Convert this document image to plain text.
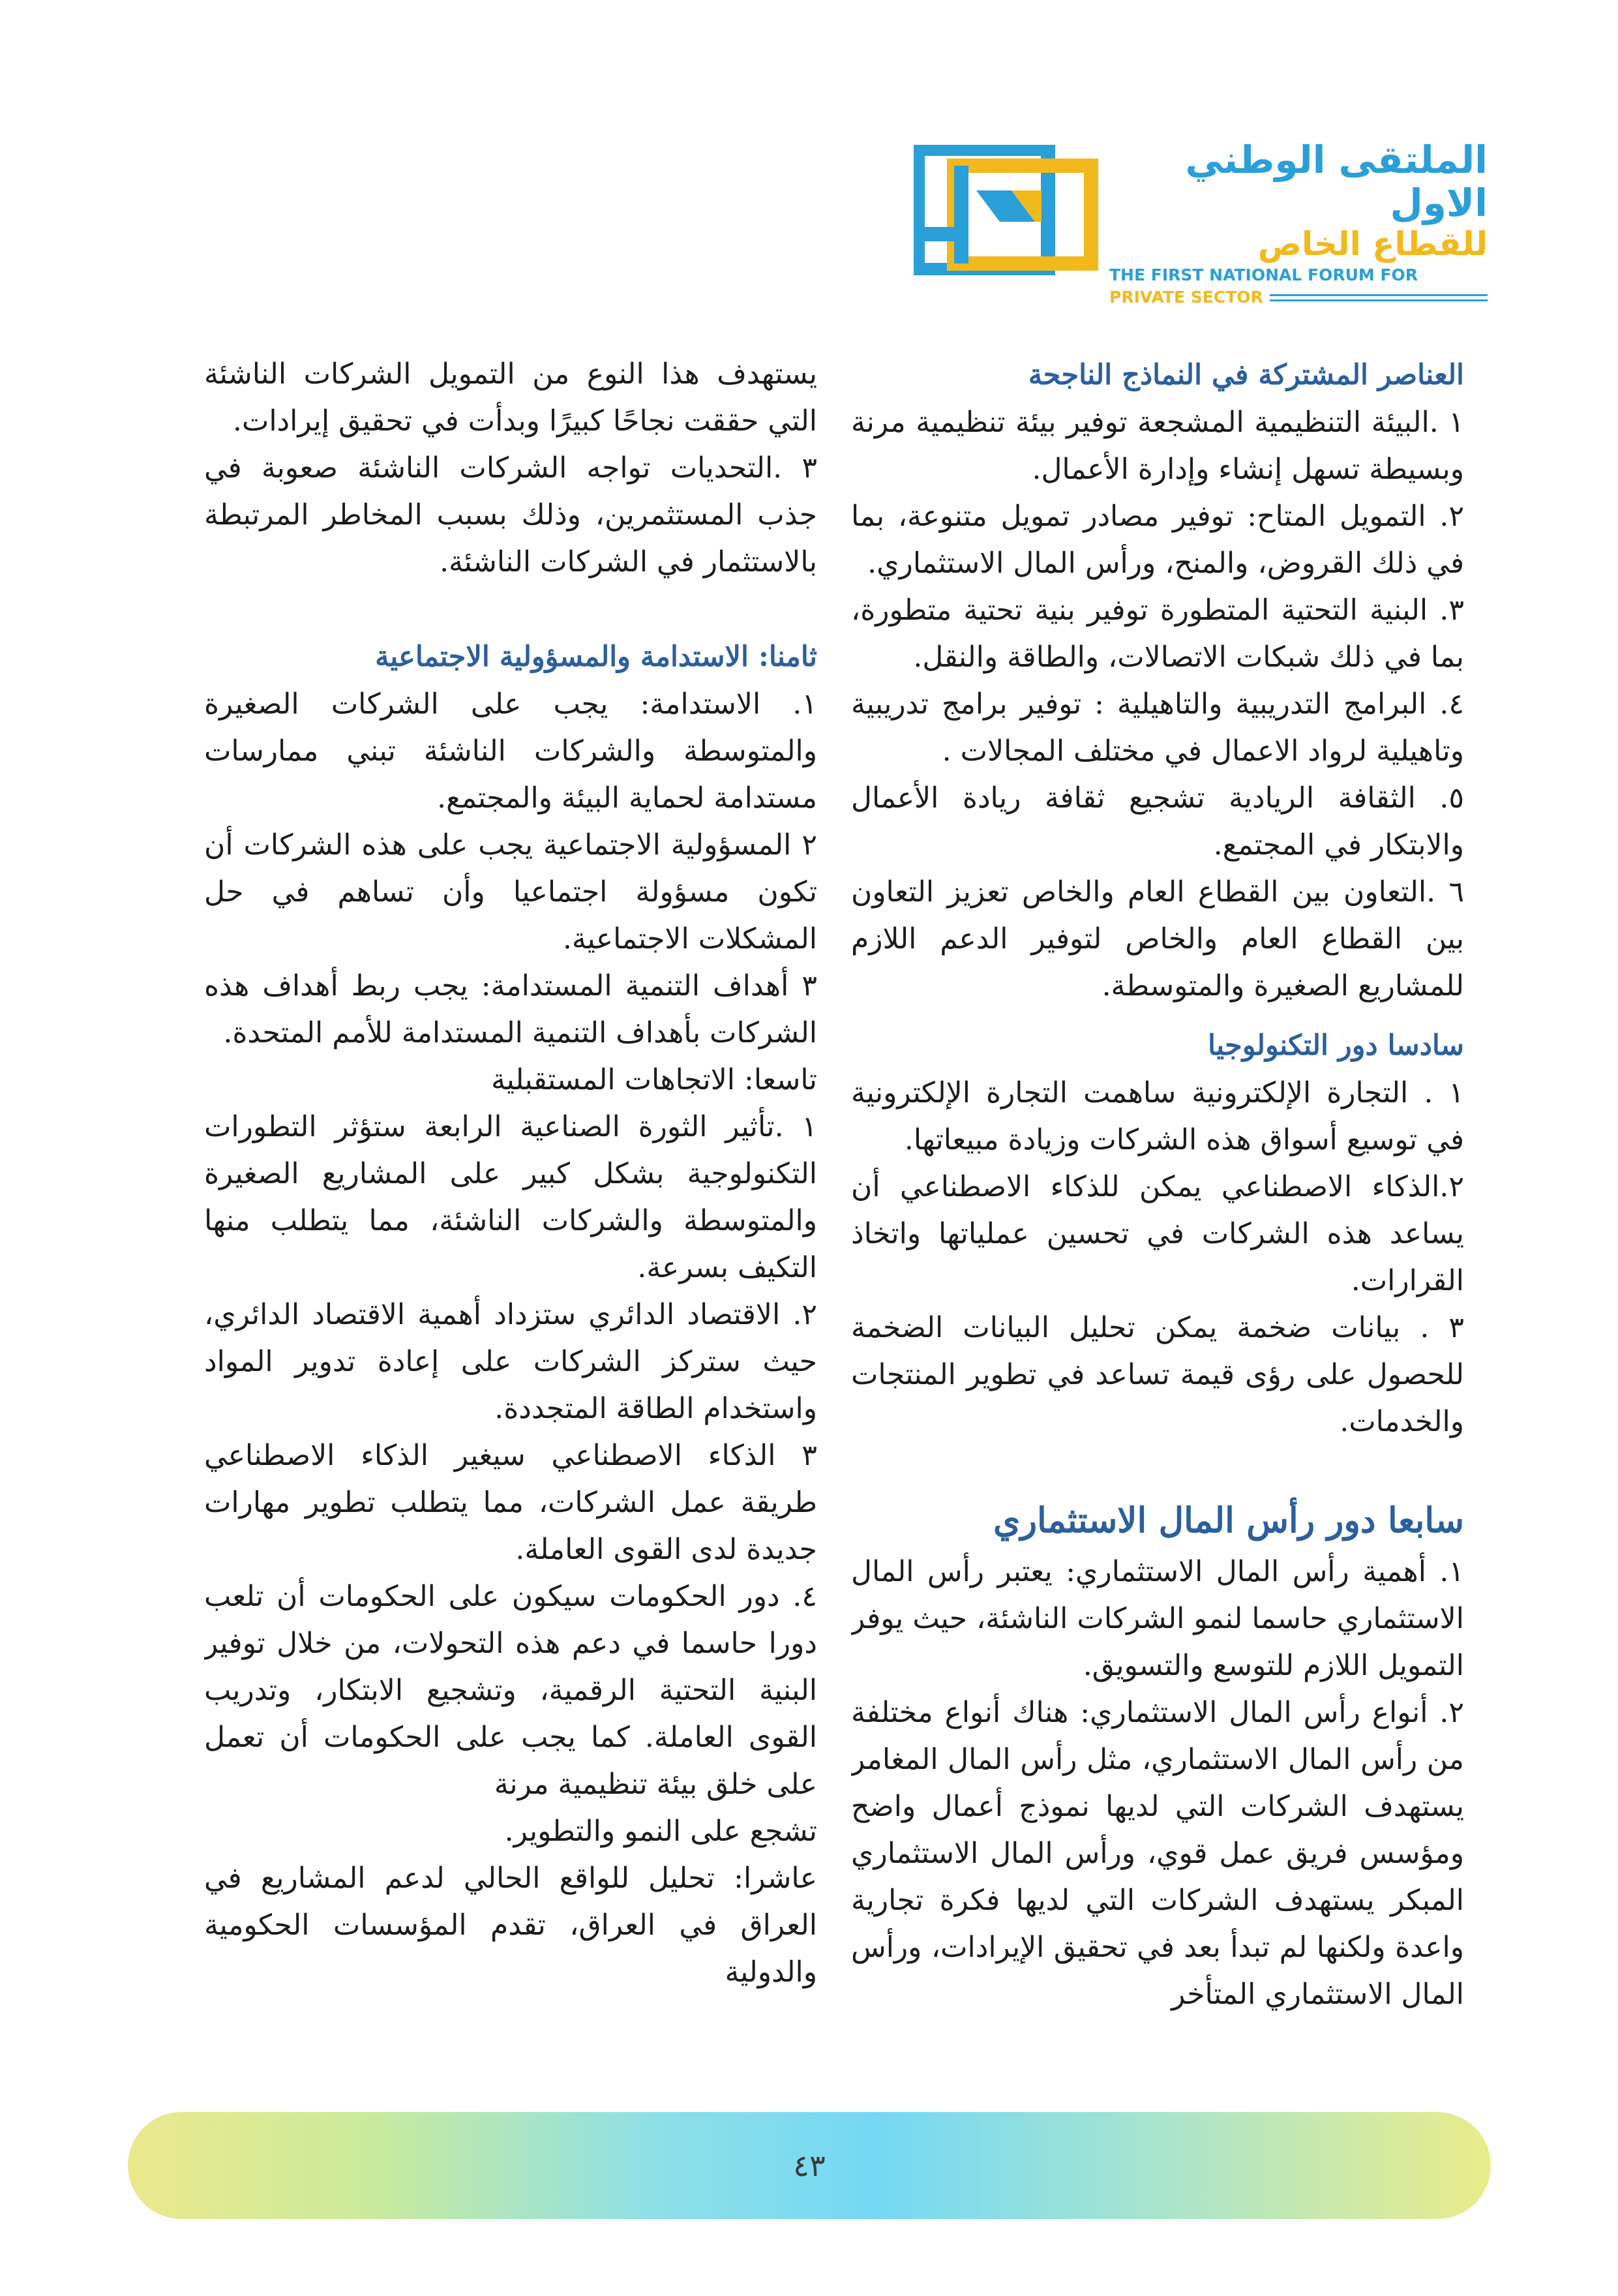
الملتقى الوطني الاول
للقطاع الخاص
THE FIRST NATIONAL FORUM FOR
PRIVATE SECTOR
العناصر المشتركة في النماذج الناجحة

١ .البيئة التنظيمية المشجعة توفير بيئة تنظيمية مرنة وبسيطة تسهل إنشاء وإدارة الأعمال.

٢. التمويل المتاح: توفير مصادر تمويل متنوعة، بما في ذلك القروض، والمنح، ورأس المال الاستثماري.

٣. البنية التحتية المتطورة توفير بنية تحتية متطورة، بما في ذلك شبكات الاتصالات، والطاقة والنقل.

٤. البرامج التدريبية والتاهيلية : توفير برامج تدريبية وتاهيلية لرواد الاعمال في مختلف المجالات .

٥. الثقافة الريادية تشجيع ثقافة ريادة الأعمال والابتكار في المجتمع.

٦ .التعاون بين القطاع العام والخاص تعزيز التعاون بين القطاع العام والخاص لتوفير الدعم اللازم للمشاريع الصغيرة والمتوسطة.

سادسا دور التكنولوجيا

١ . التجارة الإلكترونية ساهمت التجارة الإلكترونية في توسيع أسواق هذه الشركات وزيادة مبيعاتها.

٢.الذكاء الاصطناعي يمكن للذكاء الاصطناعي أن يساعد هذه الشركات في تحسين عملياتها واتخاذ القرارات.

٣ . بيانات ضخمة يمكن تحليل البيانات الضخمة للحصول على رؤى قيمة تساعد في تطوير المنتجات والخدمات.

سابعا دور رأس المال الاستثماري

١. أهمية رأس المال الاستثماري: يعتبر رأس المال الاستثماري حاسما لنمو الشركات الناشئة، حيث يوفر التمويل اللازم للتوسع والتسويق.

٢. أنواع رأس المال الاستثماري: هناك أنواع مختلفة من رأس المال الاستثماري، مثل رأس المال المغامر يستهدف الشركات التي لديها نموذج أعمال واضح ومؤسس فريق عمل قوي، ورأس المال الاستثماري المبكر يستهدف الشركات التي لديها فكرة تجارية واعدة ولكنها لم تبدأ بعد في تحقيق الإيرادات، ورأس المال الاستثماري المتأخر

يستهدف هذا النوع من التمويل الشركات الناشئة التي حققت نجاحًا كبيرًا وبدأت في تحقيق إيرادات.

٣ .التحديات تواجه الشركات الناشئة صعوبة في جذب المستثمرين، وذلك بسبب المخاطر المرتبطة بالاستثمار في الشركات الناشئة.

ثامنا: الاستدامة والمسؤولية الاجتماعية

١. الاستدامة: يجب على الشركات الصغيرة والمتوسطة والشركات الناشئة تبني ممارسات مستدامة لحماية البيئة والمجتمع.

٢ المسؤولية الاجتماعية يجب على هذه الشركات أن تكون مسؤولة اجتماعيا وأن تساهم في حل المشكلات الاجتماعية.

٣ أهداف التنمية المستدامة: يجب ربط أهداف هذه الشركات بأهداف التنمية المستدامة للأمم المتحدة.

تاسعا: الاتجاهات المستقبلية

١ .تأثير الثورة الصناعية الرابعة ستؤثر التطورات التكنولوجية بشكل كبير على المشاريع الصغيرة والمتوسطة والشركات الناشئة، مما يتطلب منها التكيف بسرعة.

٢. الاقتصاد الدائري ستزداد أهمية الاقتصاد الدائري، حيث ستركز الشركات على إعادة تدوير المواد واستخدام الطاقة المتجددة.

٣ الذكاء الاصطناعي سيغير الذكاء الاصطناعي طريقة عمل الشركات، مما يتطلب تطوير مهارات جديدة لدى القوى العاملة.

٤. دور الحكومات سيكون على الحكومات أن تلعب دورا حاسما في دعم هذه التحولات، من خلال توفير البنية التحتية الرقمية، وتشجيع الابتكار، وتدريب القوى العاملة. كما يجب على الحكومات أن تعمل على خلق بيئة تنظيمية مرنة

تشجع على النمو والتطوير.

عاشرا: تحليل للواقع الحالي لدعم المشاريع في العراق في العراق، تقدم المؤسسات الحكومية والدولية

٤٣
